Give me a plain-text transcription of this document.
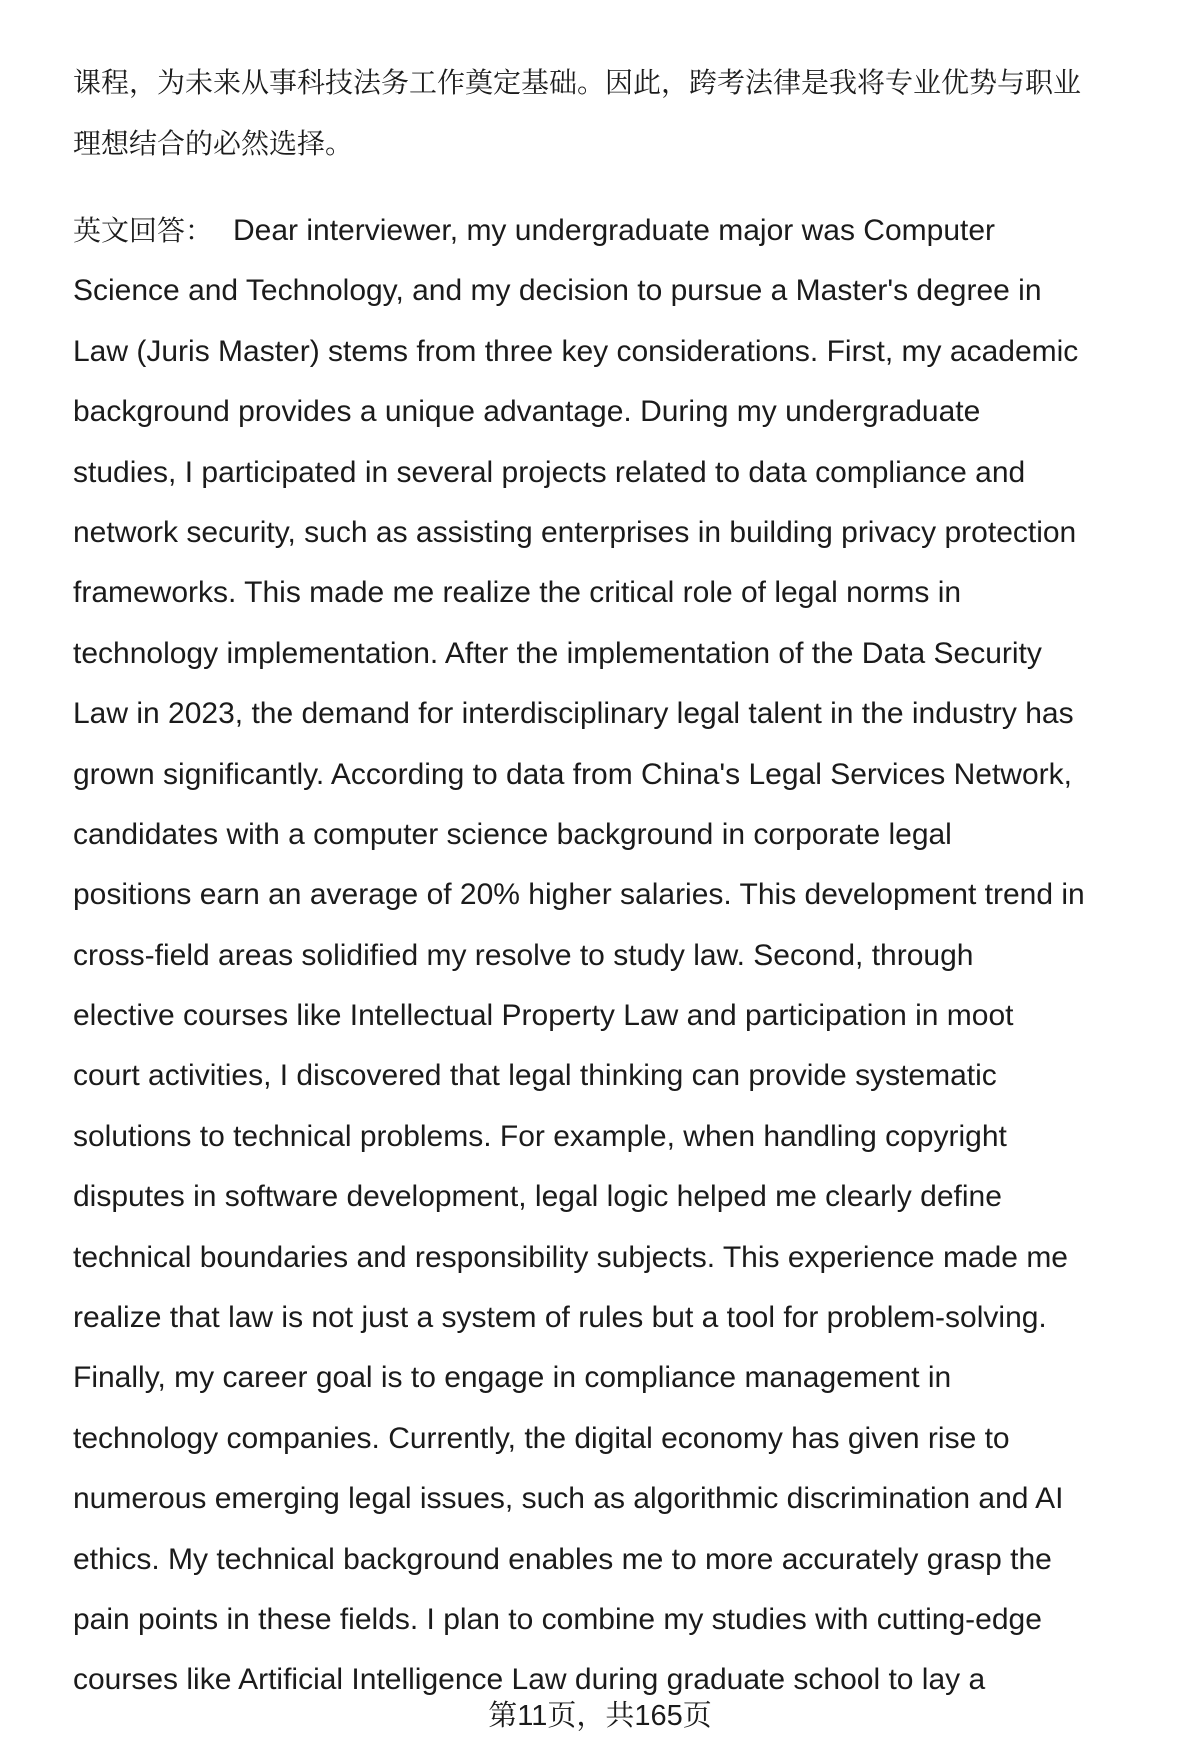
课程，为未来从事科技法务工作奠定基础。因此，跨考法律是我将专业优势与职业
理想结合的必然选择。
英文回答： Dear interviewer, my undergraduate major was Computer
Science and Technology, and my decision to pursue a Master's degree in
Law (Juris Master) stems from three key considerations. First, my academic
background provides a unique advantage. During my undergraduate
studies, I participated in several projects related to data compliance and
network security, such as assisting enterprises in building privacy protection
frameworks. This made me realize the critical role of legal norms in
technology implementation. After the implementation of the Data Security
Law in 2023, the demand for interdisciplinary legal talent in the industry has
grown significantly. According to data from China's Legal Services Network,
candidates with a computer science background in corporate legal
positions earn an average of 20% higher salaries. This development trend in
cross-field areas solidified my resolve to study law. Second, through
elective courses like Intellectual Property Law and participation in moot
court activities, I discovered that legal thinking can provide systematic
solutions to technical problems. For example, when handling copyright
disputes in software development, legal logic helped me clearly define
technical boundaries and responsibility subjects. This experience made me
realize that law is not just a system of rules but a tool for problem-solving.
Finally, my career goal is to engage in compliance management in
technology companies. Currently, the digital economy has given rise to
numerous emerging legal issues, such as algorithmic discrimination and AI
ethics. My technical background enables me to more accurately grasp the
pain points in these fields. I plan to combine my studies with cutting-edge
courses like Artificial Intelligence Law during graduate school to lay a
第11页，共165页
